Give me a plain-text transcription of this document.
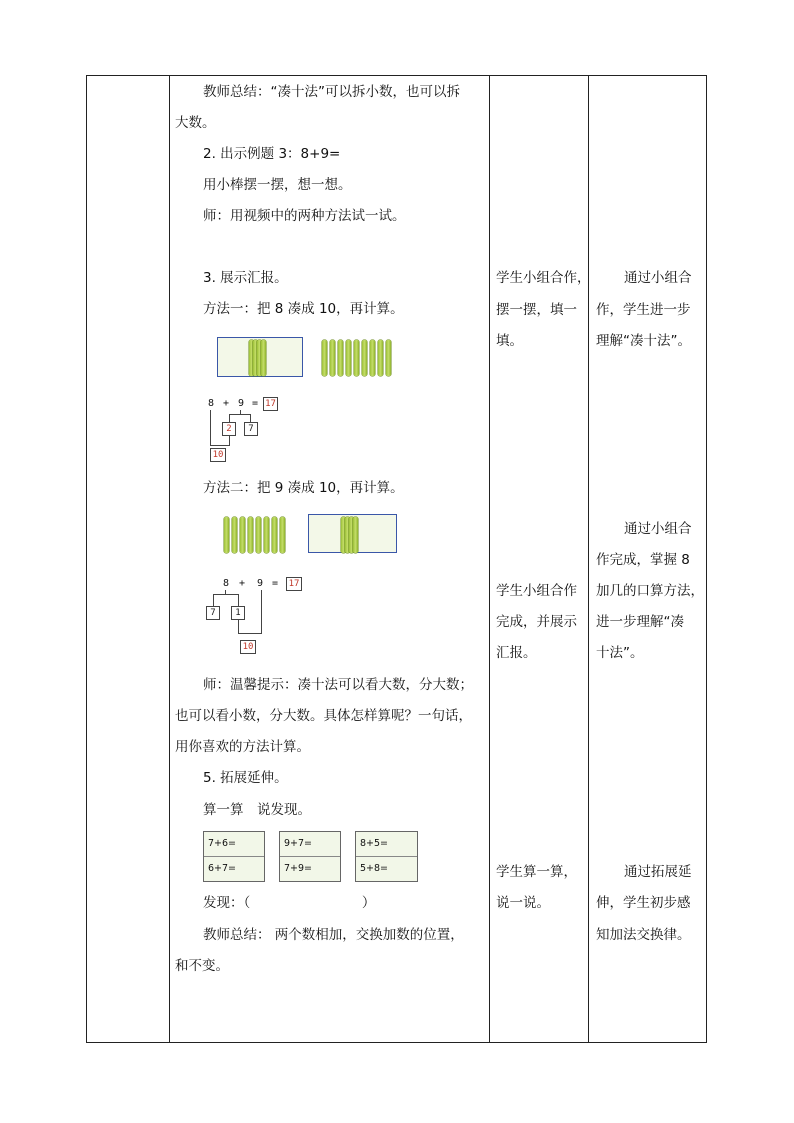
教师总结：“凑十法”可以拆小数，也可以拆
大数。
2. 出示例题 3：8+9=
用小棒摆一摆，想一想。
师：用视频中的两种方法试一试。
3. 展示汇报。
方法一：把 8 凑成 10，再计算。
8 + 9 = 17
2	7
10
方法二：把 9 凑成 10，再计算。
8 + 9 = 17
7	1
10
师：温馨提示：凑十法可以看大数，分大数；
也可以看小数，分大数。具体怎样算呢？一句话，
用你喜欢的方法计算。
5. 拓展延伸。
算一算　说发现。
7+6=
6+7=
9+7=
7+9=
8+5=
5+8=
发现：（                          ）
教师总结： 两个数相加，交换加数的位置，
和不变。
学生小组合作，
摆一摆，填一
填。
学生小组合作
完成，并展示
汇报。
学生算一算，
说一说。
通过小组合
作，学生进一步
理解“凑十法”。
通过小组合
作完成，掌握 8
加几的口算方法，
进一步理解“凑
十法”。
通过拓展延
伸，学生初步感
知加法交换律。
